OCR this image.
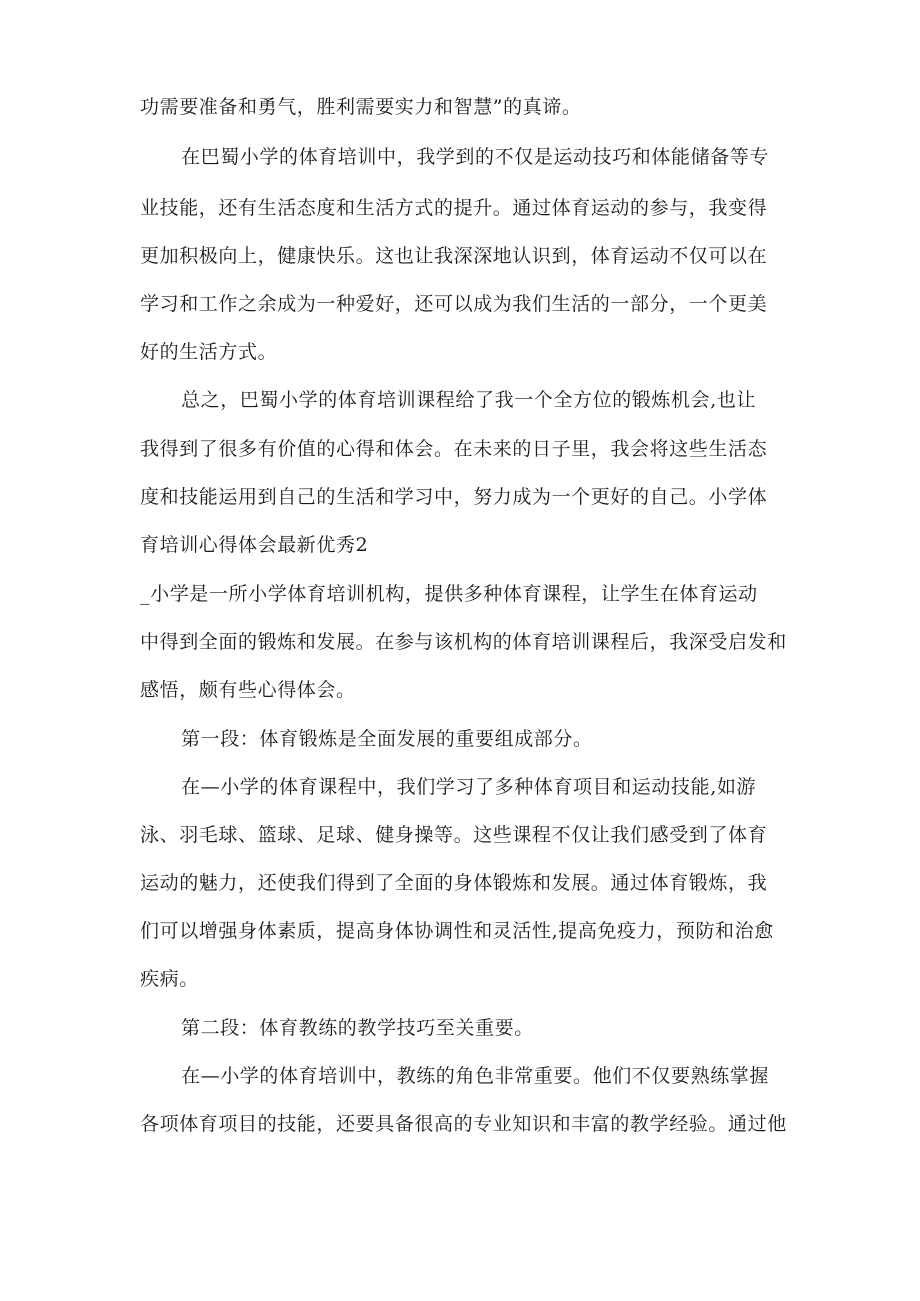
功需要准备和勇气，胜利需要实力和智慧”的真谛。
在巴蜀小学的体育培训中，我学到的不仅是运动技巧和体能储备等专
业技能，还有生活态度和生活方式的提升。通过体育运动的参与，我变得
更加积极向上，健康快乐。这也让我深深地认识到，体育运动不仅可以在
学习和工作之余成为一种爱好，还可以成为我们生活的一部分，一个更美
好的生活方式。
总之，巴蜀小学的体育培训课程给了我一个全方位的锻炼机会,也让
我得到了很多有价值的心得和体会。在未来的日子里，我会将这些生活态
度和技能运用到自己的生活和学习中，努力成为一个更好的自己。小学体
育培训心得体会最新优秀2
_小学是一所小学体育培训机构，提供多种体育课程，让学生在体育运动
中得到全面的锻炼和发展。在参与该机构的体育培训课程后，我深受启发和
感悟，颇有些心得体会。
第一段：体育锻炼是全面发展的重要组成部分。
在—小学的体育课程中，我们学习了多种体育项目和运动技能,如游
泳、羽毛球、篮球、足球、健身操等。这些课程不仅让我们感受到了体育
运动的魅力，还使我们得到了全面的身体锻炼和发展。通过体育锻炼，我
们可以增强身体素质，提高身体协调性和灵活性,提高免疫力，预防和治愈
疾病。
第二段：体育教练的教学技巧至关重要。
在—小学的体育培训中，教练的角色非常重要。他们不仅要熟练掌握
各项体育项目的技能，还要具备很高的专业知识和丰富的教学经验。通过他
